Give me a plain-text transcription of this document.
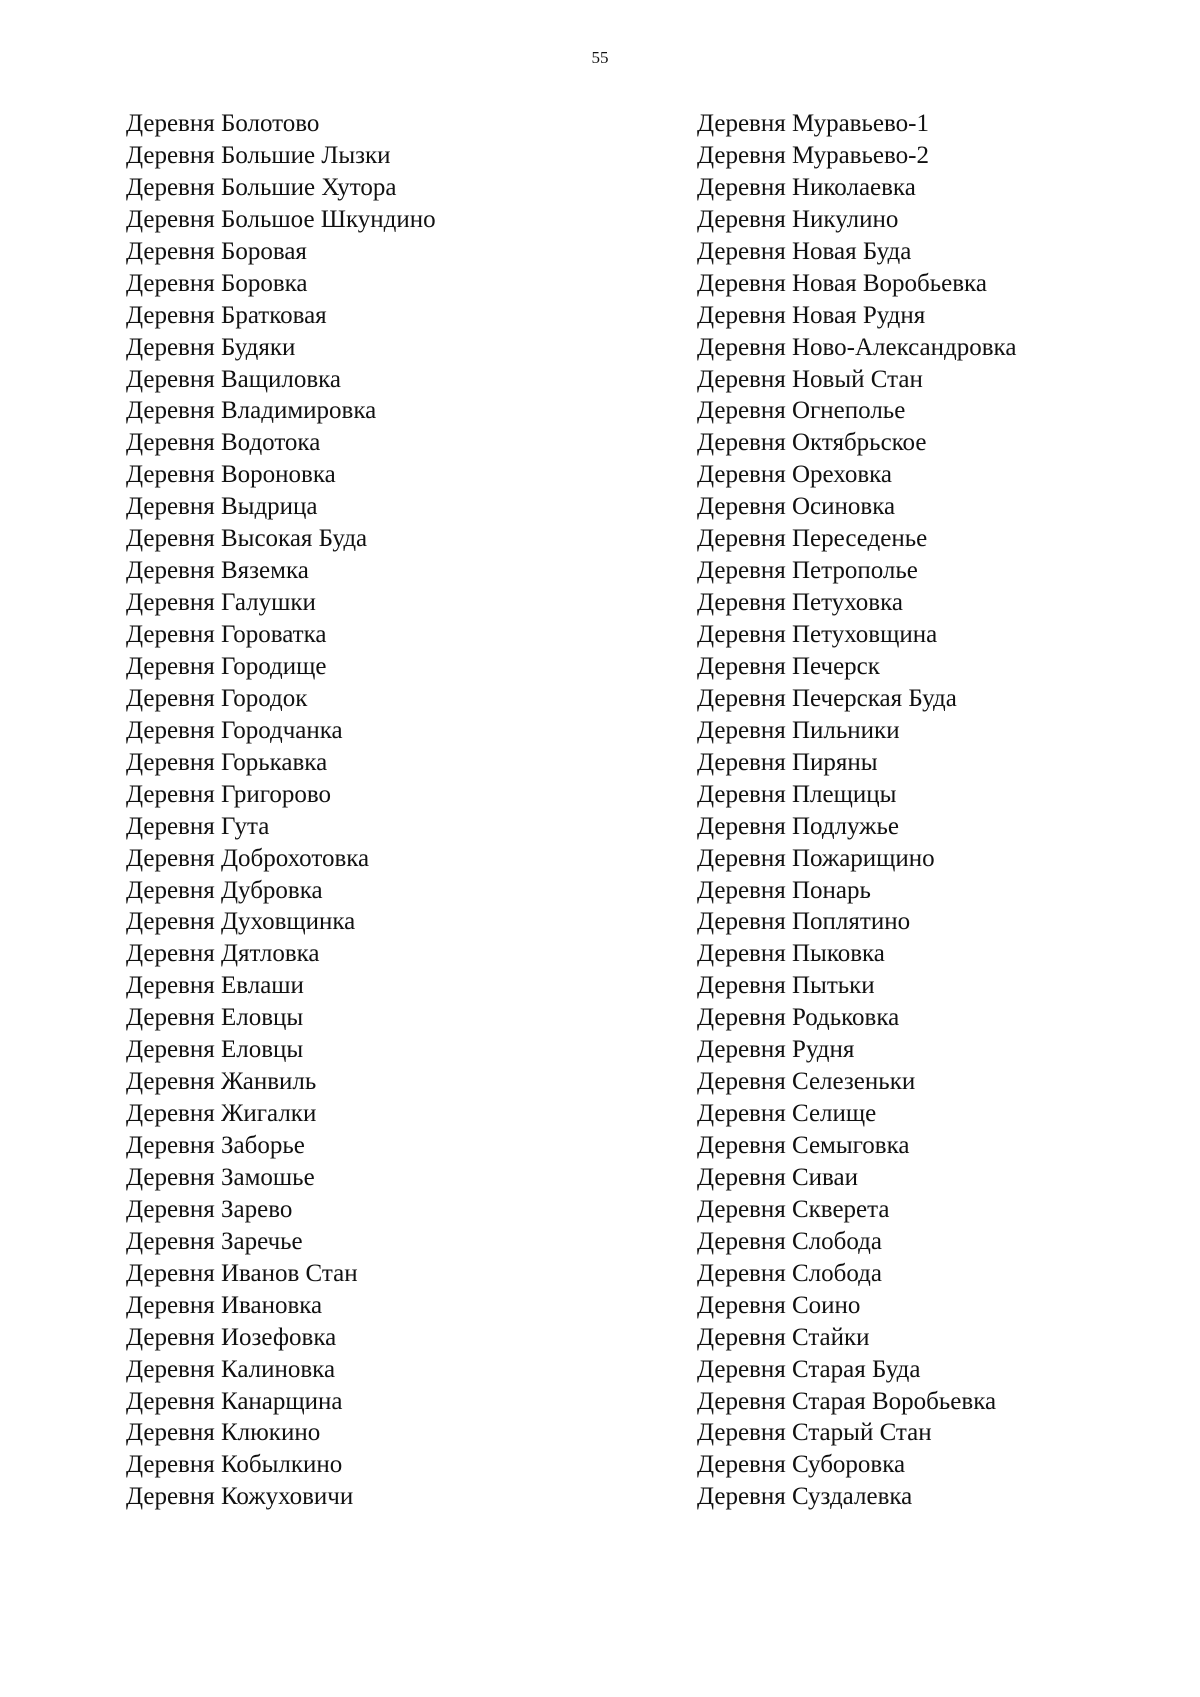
55
Деревня Болотово
Деревня Большие Лызки
Деревня Большие Хутора
Деревня Большое Шкундино
Деревня Боровая
Деревня Боровка
Деревня Братковая
Деревня Будяки
Деревня Ващиловка
Деревня Владимировка
Деревня Водотока
Деревня Вороновка
Деревня Выдрица
Деревня Высокая Буда
Деревня Вяземка
Деревня Галушки
Деревня Гороватка
Деревня Городище
Деревня Городок
Деревня Городчанка
Деревня Горькавка
Деревня Григорово
Деревня Гута
Деревня Доброхотовка
Деревня Дубровка
Деревня Духовщинка
Деревня Дятловка
Деревня Евлаши
Деревня Еловцы
Деревня Еловцы
Деревня Жанвиль
Деревня Жигалки
Деревня Заборье
Деревня Замошье
Деревня Зарево
Деревня Заречье
Деревня Иванов Стан
Деревня Ивановка
Деревня Иозефовка
Деревня Калиновка
Деревня Канарщина
Деревня Клюкино
Деревня Кобылкино
Деревня Кожуховичи
Деревня Муравьево-1
Деревня Муравьево-2
Деревня Николаевка
Деревня Никулино
Деревня Новая Буда
Деревня Новая Воробьевка
Деревня Новая Рудня
Деревня Ново-Александровка
Деревня Новый Стан
Деревня Огнеполье
Деревня Октябрьское
Деревня Ореховка
Деревня Осиновка
Деревня Переседенье
Деревня Петрополье
Деревня Петуховка
Деревня Петуховщина
Деревня Печерск
Деревня Печерская Буда
Деревня Пильники
Деревня Пиряны
Деревня Плещицы
Деревня Подлужье
Деревня Пожарищино
Деревня Понарь
Деревня Поплятино
Деревня Пыковка
Деревня Пытьки
Деревня Родьковка
Деревня Рудня
Деревня Селезеньки
Деревня Селище
Деревня Семыговка
Деревня Сиваи
Деревня Скверета
Деревня Слобода
Деревня Слобода
Деревня Соино
Деревня Стайки
Деревня Старая Буда
Деревня Старая Воробьевка
Деревня Старый Стан
Деревня Суборовка
Деревня Суздалевка
